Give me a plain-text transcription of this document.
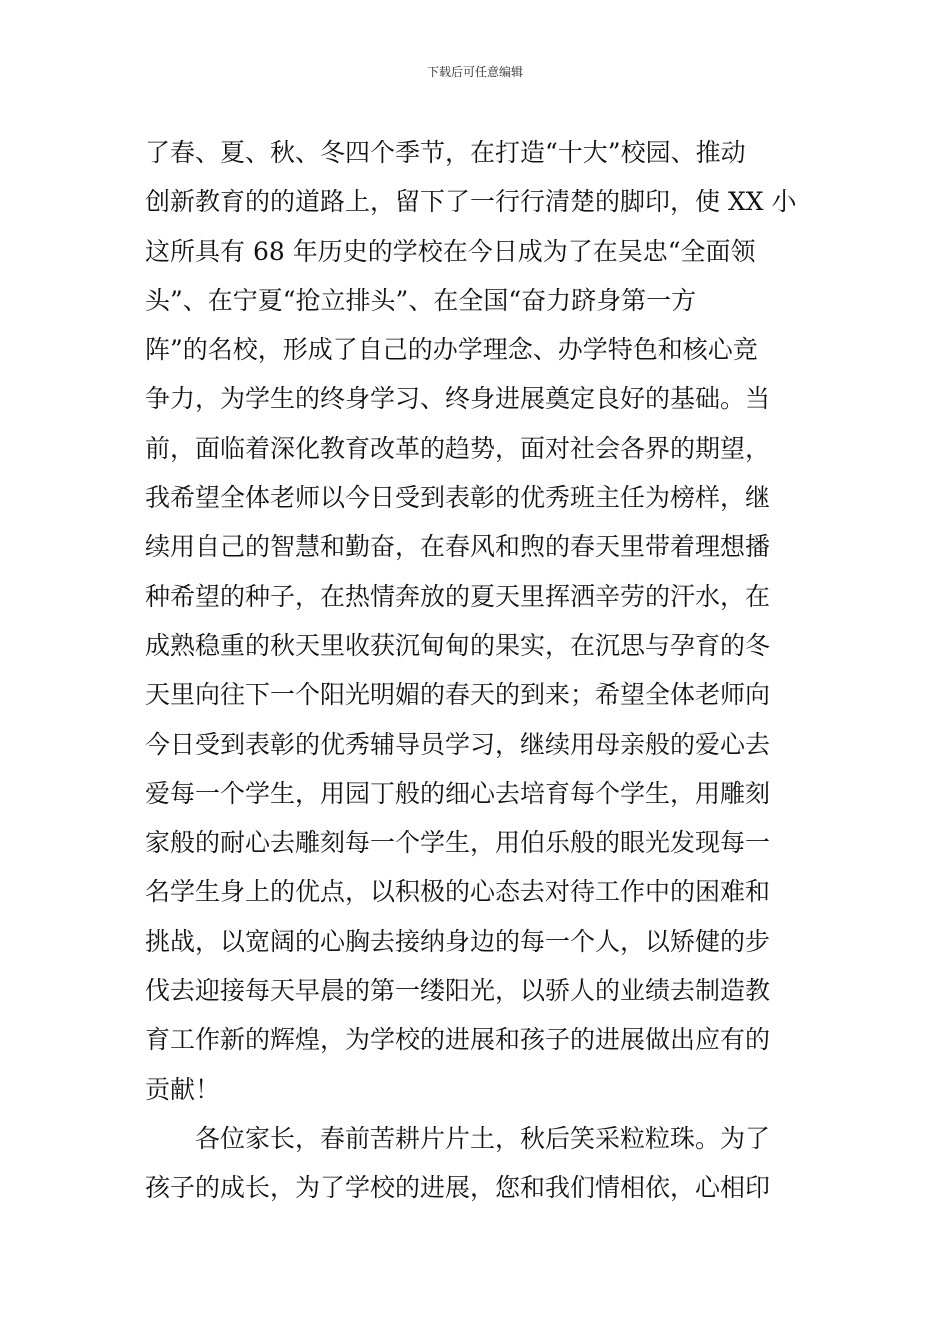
下载后可任意编辑
了春、夏、秋、冬四个季节，在打造“十大”校园、推动
创新教育的的道路上，留下了一行行清楚的脚印，使 XX 小
这所具有 68 年历史的学校在今日成为了在吴忠“全面领
头”、在宁夏“抢立排头”、在全国“奋力跻身第一方
阵”的名校，形成了自己的办学理念、办学特色和核心竞
争力，为学生的终身学习、终身进展奠定良好的基础。当
前，面临着深化教育改革的趋势，面对社会各界的期望，
我希望全体老师以今日受到表彰的优秀班主任为榜样，继
续用自己的智慧和勤奋，在春风和煦的春天里带着理想播
种希望的种子，在热情奔放的夏天里挥洒辛劳的汗水，在
成熟稳重的秋天里收获沉甸甸的果实，在沉思与孕育的冬
天里向往下一个阳光明媚的春天的到来；希望全体老师向
今日受到表彰的优秀辅导员学习，继续用母亲般的爱心去
爱每一个学生，用园丁般的细心去培育每个学生，用雕刻
家般的耐心去雕刻每一个学生，用伯乐般的眼光发现每一
名学生身上的优点，以积极的心态去对待工作中的困难和
挑战，以宽阔的心胸去接纳身边的每一个人，以矫健的步
伐去迎接每天早晨的第一缕阳光，以骄人的业绩去制造教
育工作新的辉煌，为学校的进展和孩子的进展做出应有的
贡献！
各位家长，春前苦耕片片土，秋后笑采粒粒珠。为了
孩子的成长，为了学校的进展，您和我们情相依，心相印
